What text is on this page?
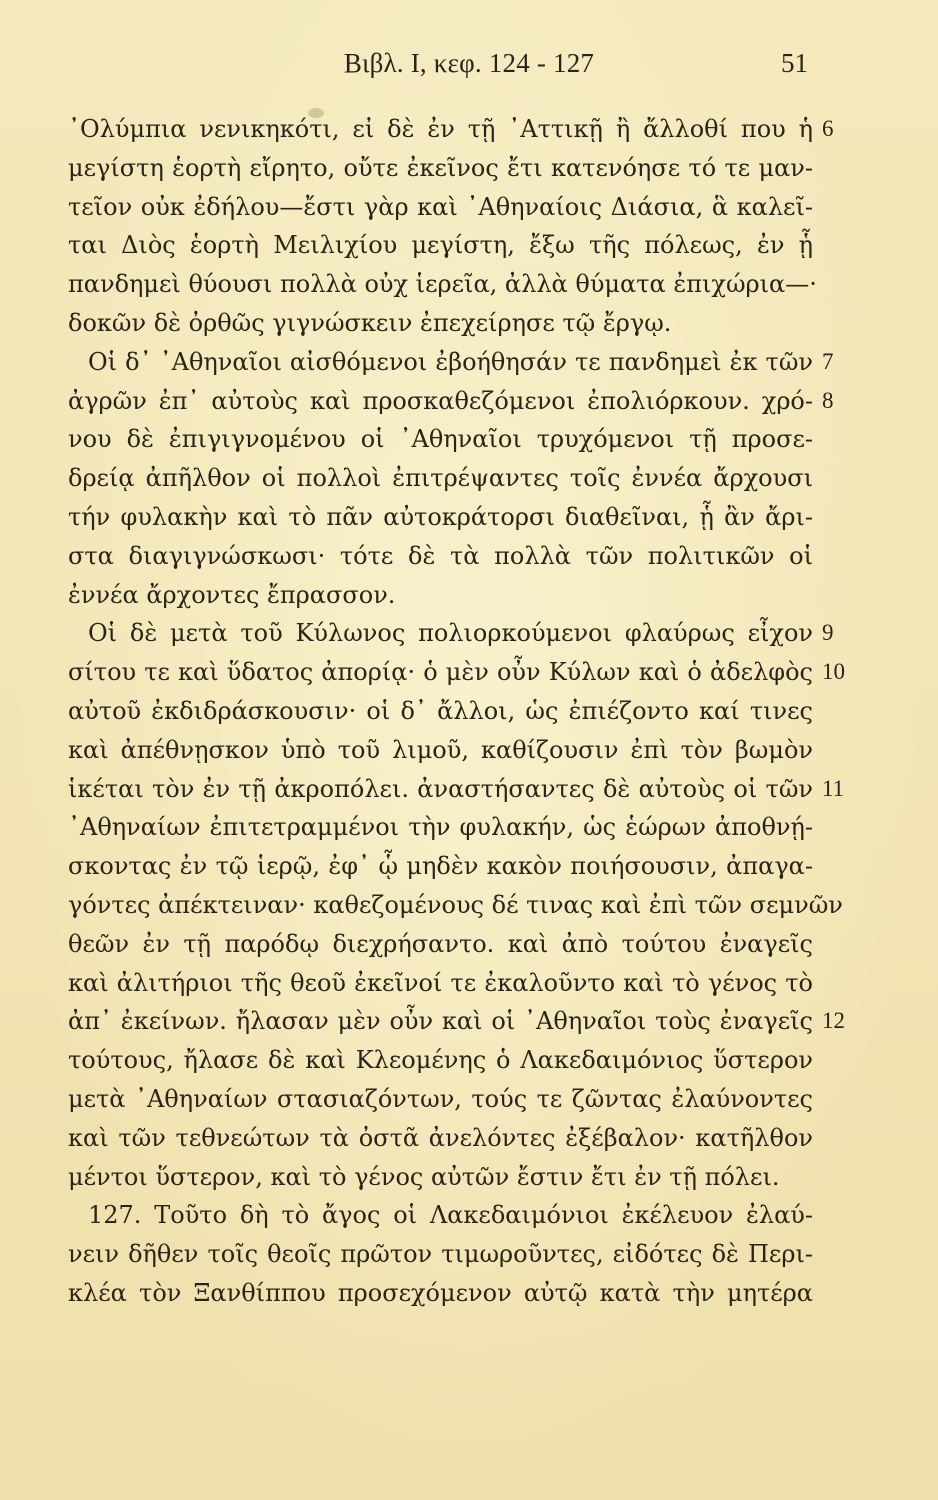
Βιβλ. Ι, κεφ. 124 - 127	51
᾿Ολύμπια νενικηκότι, εἰ δὲ ἐν τῇ ᾿Αττικῇ ἢ ἄλλοθί που ἡ 6
μεγίστη ἑορτὴ εἴρητο, οὔτε ἐκεῖνος ἔτι κατενόησε τό τε μαν-
τεῖον οὐκ ἐδήλου—ἔστι γὰρ καὶ ᾿Αθηναίοις Διάσια, ἃ καλεῖ-
ται Διὸς ἑορτὴ Μειλιχίου μεγίστη, ἔξω τῆς πόλεως, ἐν ᾗ
πανδημεὶ θύουσι πολλὰ οὐχ ἱερεῖα, ἀλλὰ θύματα ἐπιχώρια—·
δοκῶν δὲ ὀρθῶς γιγνώσκειν ἐπεχείρησε τῷ ἔργῳ.
Οἱ δ᾿ ᾿Αθηναῖοι αἰσθόμενοι ἐβοήθησάν τε πανδημεὶ ἐκ τῶν 7
ἀγρῶν ἐπ᾿ αὐτοὺς καὶ προσκαθεζόμενοι ἐπολιόρκουν. χρό- 8
νου δὲ ἐπιγιγνομένου οἱ ᾿Αθηναῖοι τρυχόμενοι τῇ προσε-
δρείᾳ ἀπῆλθον οἱ πολλοὶ ἐπιτρέψαντες τοῖς ἐννέα ἄρχουσι
τήν φυλακὴν καὶ τὸ πᾶν αὐτοκράτορσι διαθεῖναι, ᾗ ἂν ἄρι-
στα διαγιγνώσκωσι· τότε δὲ τὰ πολλὰ τῶν πολιτικῶν οἱ
ἐννέα ἄρχοντες ἔπρασσον.
Οἱ δὲ μετὰ τοῦ Κύλωνος πολιορκούμενοι φλαύρως εἶχον 9
σίτου τε καὶ ὕδατος ἀπορίᾳ· ὁ μὲν οὖν Κύλων καὶ ὁ ἀδελφὸς 10
αὐτοῦ ἐκδιδράσκουσιν· οἱ δ᾿ ἄλλοι, ὡς ἐπιέζοντο καί τινες
καὶ ἀπέθνῃσκον ὑπὸ τοῦ λιμοῦ, καθίζουσιν ἐπὶ τὸν βωμὸν
ἱκέται τὸν ἐν τῇ ἀκροπόλει. ἀναστήσαντες δὲ αὐτοὺς οἱ τῶν 11
᾿Αθηναίων ἐπιτετραμμένοι τὴν φυλακήν, ὡς ἑώρων ἀποθνῄ-
σκοντας ἐν τῷ ἱερῷ, ἐφ᾿ ᾧ μηδὲν κακὸν ποιήσουσιν, ἀπαγα-
γόντες ἀπέκτειναν· καθεζομένους δέ τινας καὶ ἐπὶ τῶν σεμνῶν
θεῶν ἐν τῇ παρόδῳ διεχρήσαντο. καὶ ἀπὸ τούτου ἐναγεῖς
καὶ ἀλιτήριοι τῆς θεοῦ ἐκεῖνοί τε ἐκαλοῦντο καὶ τὸ γένος τὸ
ἀπ᾿ ἐκείνων. ἤλασαν μὲν οὖν καὶ οἱ ᾿Αθηναῖοι τοὺς ἐναγεῖς 12
τούτους, ἤλασε δὲ καὶ Κλεομένης ὁ Λακεδαιμόνιος ὕστερον
μετὰ ᾿Αθηναίων στασιαζόντων, τούς τε ζῶντας ἐλαύνοντες
καὶ τῶν τεθνεώτων τὰ ὀστᾶ ἀνελόντες ἐξέβαλον· κατῆλθον
μέντοι ὕστερον, καὶ τὸ γένος αὐτῶν ἔστιν ἔτι ἐν τῇ πόλει.
127. Τοῦτο δὴ τὸ ἄγος οἱ Λακεδαιμόνιοι ἐκέλευον ἐλαύ-
νειν δῆθεν τοῖς θεοῖς πρῶτον τιμωροῦντες, εἰδότες δὲ Περι-
κλέα τὸν Ξανθίππου προσεχόμενον αὐτῷ κατὰ τὴν μητέρα
